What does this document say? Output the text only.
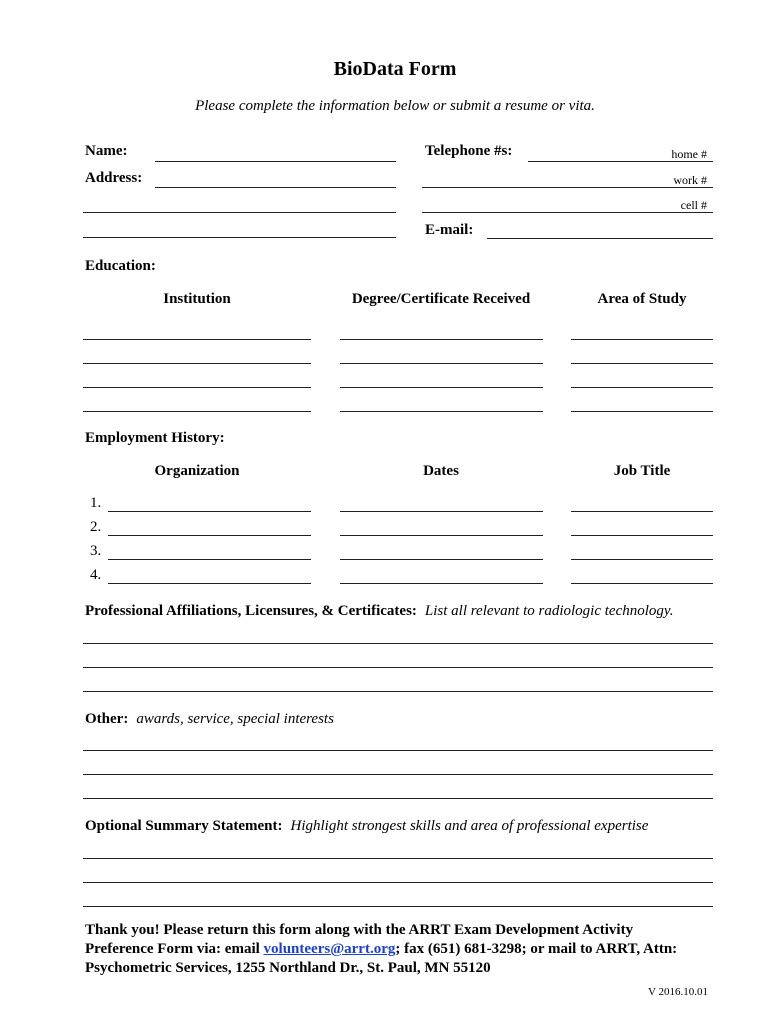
BioData Form
Please complete the information below or submit a resume or vita.
Name:	Telephone #s:	home #
Address:	work #
cell #
E-mail:
Education:
Institution	Degree/Certificate Received	Area of Study
Employment History:
Organization	Dates	Job Title
1.
2.
3.
4.
Professional Affiliations, Licensures, & Certificates: List all relevant to radiologic technology.
Other: awards, service, special interests
Optional Summary Statement: Highlight strongest skills and area of professional expertise
Thank you! Please return this form along with the ARRT Exam Development Activity
Preference Form via: email volunteers@arrt.org; fax (651) 681-3298; or mail to ARRT, Attn:
Psychometric Services, 1255 Northland Dr., St. Paul, MN 55120
V 2016.10.01
